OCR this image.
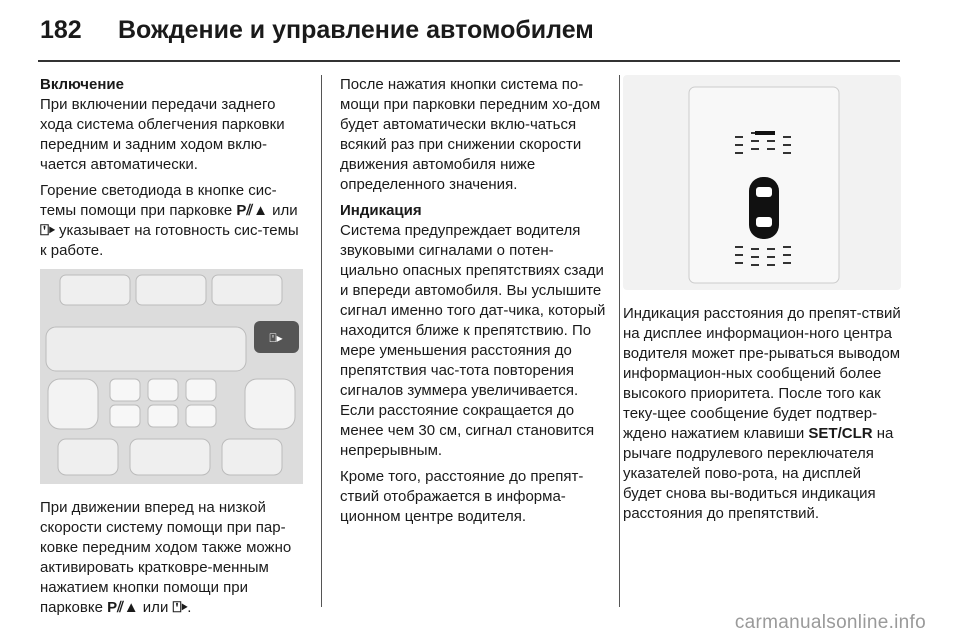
182 Вождение и управление автомобилем
Включение

При включении передачи заднего хода система облегчения парковки передним и задним ходом вклю-чается автоматически.

Горение светодиода в кнопке сис-темы помощи при парковке P⫽▲ или ⍞▸ указывает на готовность сис-темы к работе.

⍞▸

При движении вперед на низкой скорости систему помощи при пар-ковке передним ходом также можно активировать кратковре-менным нажатием кнопки помощи при парковке P⫽▲ или ⍞▸.

После нажатия кнопки система по-мощи при парковки передним хо-дом будет автоматически вклю-чаться всякий раз при снижении скорости движения автомобиля ниже определенного значения.

Индикация

Система предупреждает водителя звуковыми сигналами о потен-циально опасных препятствиях сзади и впереди автомобиля. Вы услышите сигнал именно того дат-чика, который находится ближе к препятствию. По мере уменьшения расстояния до препятствия час-тота повторения сигналов зуммера увеличивается. Если расстояние сокращается до менее чем 30 см, сигнал становится непрерывным.

Кроме того, расстояние до препят-ствий отображается в информа-ционном центре водителя.

Индикация расстояния до препят-ствий на дисплее информацион-ного центра водителя может пре-рываться выводом информацион-ных сообщений более высокого приоритета. После того как теку-щее сообщение будет подтвер-ждено нажатием клавиши SET/CLR на рычаге подрулевого переключателя указателей пово-рота, на дисплей будет снова вы-водиться индикация расстояния до препятствий.

carmanualsonline.info
